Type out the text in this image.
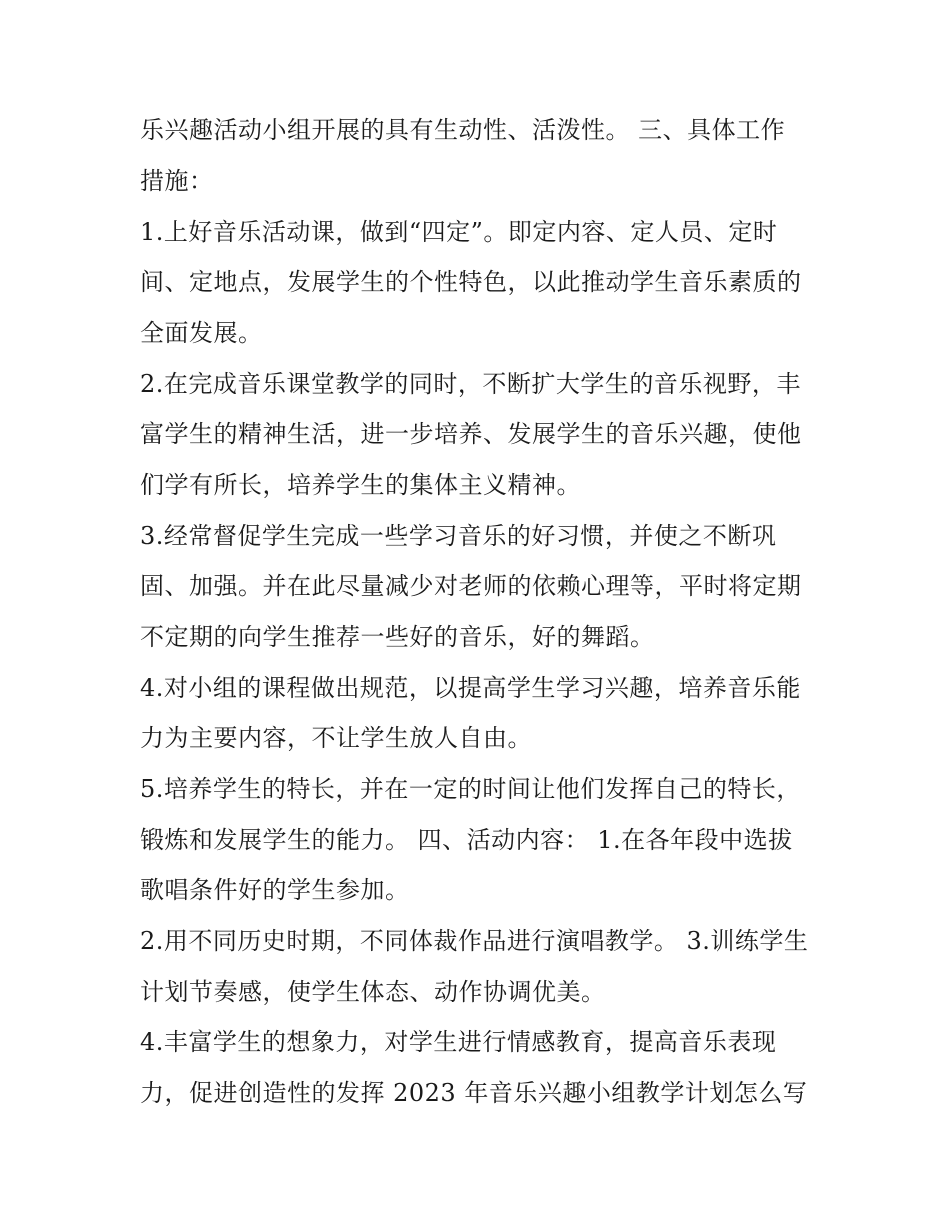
乐兴趣活动小组开展的具有生动性、活泼性。 三、具体工作
措施：
1.上好音乐活动课，做到“四定”。即定内容、定人员、定时
间、定地点，发展学生的个性特色，以此推动学生音乐素质的
全面发展。
2.在完成音乐课堂教学的同时，不断扩大学生的音乐视野，丰
富学生的精神生活，进一步培养、发展学生的音乐兴趣，使他
们学有所长，培养学生的集体主义精神。
3.经常督促学生完成一些学习音乐的好习惯，并使之不断巩
固、加强。并在此尽量减少对老师的依赖心理等，平时将定期
不定期的向学生推荐一些好的音乐，好的舞蹈。
4.对小组的课程做出规范，以提高学生学习兴趣，培养音乐能
力为主要内容，不让学生放人自由。
5.培养学生的特长，并在一定的时间让他们发挥自己的特长，
锻炼和发展学生的能力。 四、活动内容： 1.在各年段中选拔
歌唱条件好的学生参加。
2.用不同历史时期，不同体裁作品进行演唱教学。 3.训练学生
计划节奏感，使学生体态、动作协调优美。
4.丰富学生的想象力，对学生进行情感教育，提高音乐表现
力，促进创造性的发挥 2023 年音乐兴趣小组教学计划怎么写
